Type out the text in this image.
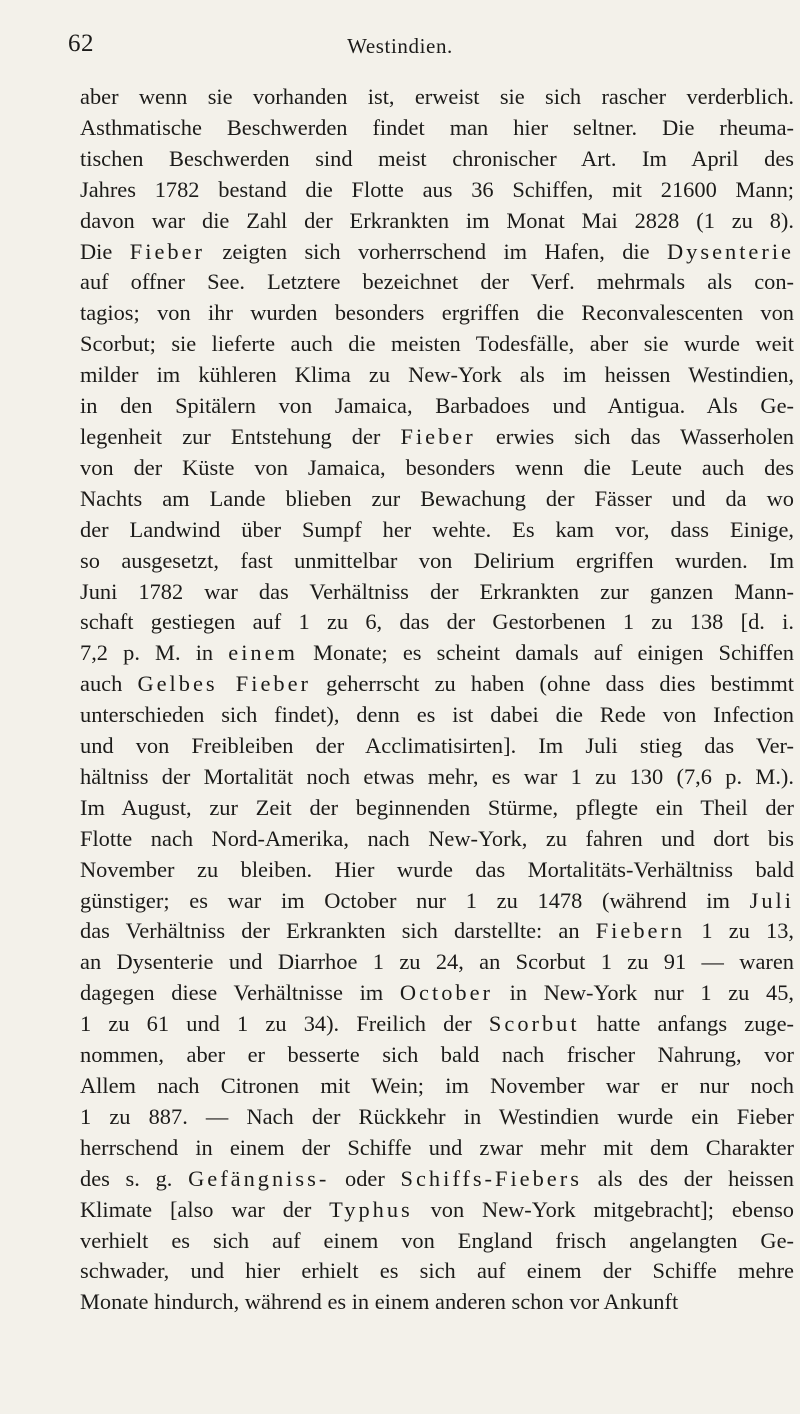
62	Westindien.
aber wenn sie vorhanden ist, erweist sie sich rascher verderblich.
Asthmatische Beschwerden findet man hier seltner. Die rheuma-
tischen Beschwerden sind meist chronischer Art. Im April des
Jahres 1782 bestand die Flotte aus 36 Schiffen, mit 21600 Mann;
davon war die Zahl der Erkrankten im Monat Mai 2828 (1 zu 8).
Die Fieber zeigten sich vorherrschend im Hafen, die Dysenterie
auf offner See. Letztere bezeichnet der Verf. mehrmals als con-
tagios; von ihr wurden besonders ergriffen die Reconvalescenten von
Scorbut; sie lieferte auch die meisten Todesfälle, aber sie wurde weit
milder im kühleren Klima zu New-York als im heissen Westindien,
in den Spitälern von Jamaica, Barbadoes und Antigua. Als Ge-
legenheit zur Entstehung der Fieber erwies sich das Wasserholen
von der Küste von Jamaica, besonders wenn die Leute auch des
Nachts am Lande blieben zur Bewachung der Fässer und da wo
der Landwind über Sumpf her wehte. Es kam vor, dass Einige,
so ausgesetzt, fast unmittelbar von Delirium ergriffen wurden. Im
Juni 1782 war das Verhältniss der Erkrankten zur ganzen Mann-
schaft gestiegen auf 1 zu 6, das der Gestorbenen 1 zu 138 [d. i.
7,2 p. M. in einem Monate; es scheint damals auf einigen Schiffen
auch Gelbes Fieber geherrscht zu haben (ohne dass dies bestimmt
unterschieden sich findet), denn es ist dabei die Rede von Infection
und von Freibleiben der Acclimatisirten]. Im Juli stieg das Ver-
hältniss der Mortalität noch etwas mehr, es war 1 zu 130 (7,6 p. M.).
Im August, zur Zeit der beginnenden Stürme, pflegte ein Theil der
Flotte nach Nord-Amerika, nach New-York, zu fahren und dort bis
November zu bleiben. Hier wurde das Mortalitäts-Verhältniss bald
günstiger; es war im October nur 1 zu 1478 (während im Juli
das Verhältniss der Erkrankten sich darstellte: an Fiebern 1 zu 13,
an Dysenterie und Diarrhoe 1 zu 24, an Scorbut 1 zu 91 — waren
dagegen diese Verhältnisse im October in New-York nur 1 zu 45,
1 zu 61 und 1 zu 34). Freilich der Scorbut hatte anfangs zuge-
nommen, aber er besserte sich bald nach frischer Nahrung, vor
Allem nach Citronen mit Wein; im November war er nur noch
1 zu 887. — Nach der Rückkehr in Westindien wurde ein Fieber
herrschend in einem der Schiffe und zwar mehr mit dem Charakter
des s. g. Gefängniss- oder Schiffs-Fiebers als des der heissen
Klimate [also war der Typhus von New-York mitgebracht]; ebenso
verhielt es sich auf einem von England frisch angelangten Ge-
schwader, und hier erhielt es sich auf einem der Schiffe mehre
Monate hindurch, während es in einem anderen schon vor Ankunft
